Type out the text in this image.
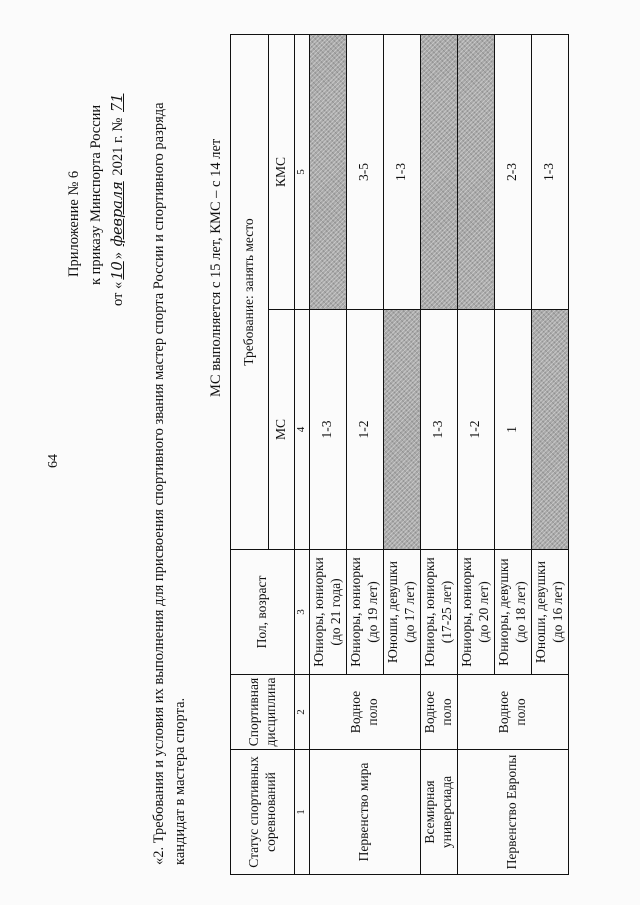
64
Приложение № 6 к приказу Минспорта России
от «10» февраля 2021 г. № 71 «2. Требования и условия их выполнения для присвоения спортивного звания мастер спорта России и спортивного разряда кандидат в мастера спорта.
МС выполняется с 15 лет, КМС – с 14 лет
Статус спортивных соревнований	Спортивная дисциплина	Пол, возраст	Требование: занять место	
			МС	КМС
1	2	3	4	5
Первенство мира	Водное поло	Юниоры, юниорки (до 21 года)	1-3	
		Юниоры, юниорки (до 19 лет)	1-2	3-5
		Юноши, девушки (до 17 лет)		1-3
Всемирная универсиада	Водное поло	Юниоры, юниорки (17-25 лет)	1-3	
Первенство Европы	Водное поло	Юниоры, юниорки (до 20 лет)	1-2	
		Юниоры, девушки (до 18 лет)	1	2-3
		Юноши, девушки (до 16 лет)		1-3
